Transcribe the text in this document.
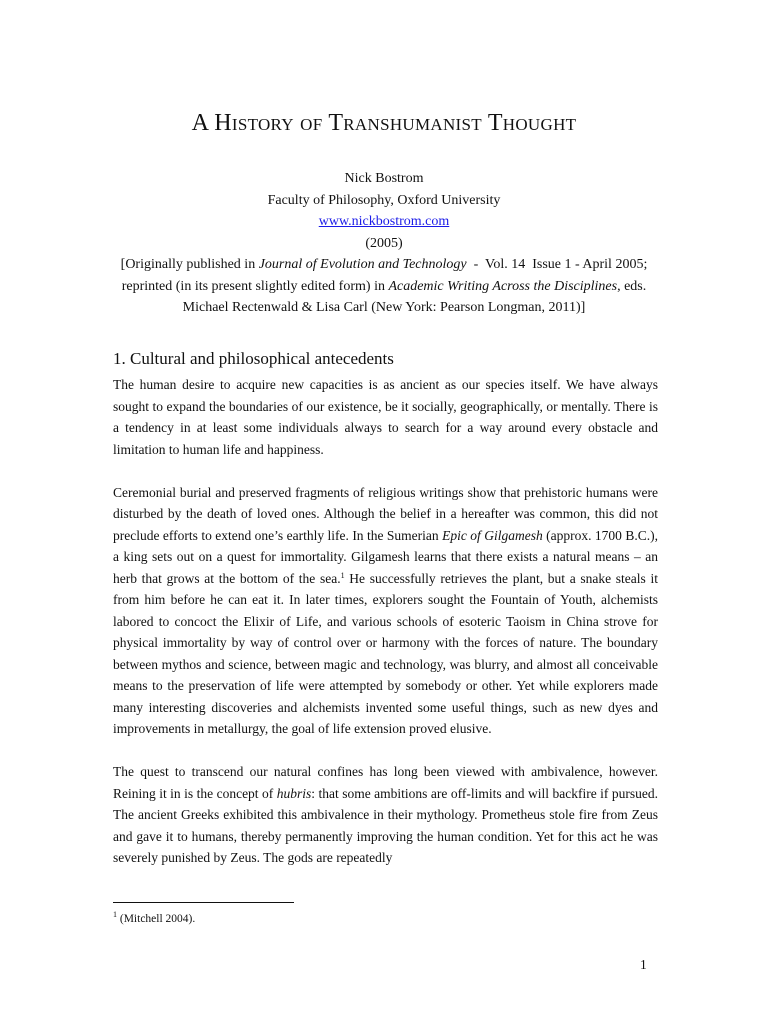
A History of Transhumanist Thought
Nick Bostrom
Faculty of Philosophy, Oxford University
www.nickbostrom.com
(2005)
[Originally published in Journal of Evolution and Technology  -  Vol. 14  Issue 1 - April 2005;
reprinted (in its present slightly edited form) in Academic Writing Across the Disciplines, eds.
Michael Rectenwald & Lisa Carl (New York: Pearson Longman, 2011)]
1. Cultural and philosophical antecedents

The human desire to acquire new capacities is as ancient as our species itself. We have always sought to expand the boundaries of our existence, be it socially, geographically, or mentally. There is a tendency in at least some individuals always to search for a way around every obstacle and limitation to human life and happiness.

Ceremonial burial and preserved fragments of religious writings show that prehistoric humans were disturbed by the death of loved ones. Although the belief in a hereafter was common, this did not preclude efforts to extend one’s earthly life. In the Sumerian Epic of Gilgamesh (approx. 1700 B.C.), a king sets out on a quest for immortality. Gilgamesh learns that there exists a natural means – an herb that grows at the bottom of the sea.$^1$ He successfully retrieves the plant, but a snake steals it from him before he can eat it. In later times, explorers sought the Fountain of Youth, alchemists labored to concoct the Elixir of Life, and various schools of esoteric Taoism in China strove for physical immortality by way of control over or harmony with the forces of nature. The boundary between mythos and science, between magic and technology, was blurry, and almost all conceivable means to the preservation of life were attempted by somebody or other. Yet while explorers made many interesting discoveries and alchemists invented some useful things, such as new dyes and improvements in metallurgy, the goal of life extension proved elusive.

The quest to transcend our natural confines has long been viewed with ambivalence, however. Reining it in is the concept of hubris: that some ambitions are off-limits and will backfire if pursued. The ancient Greeks exhibited this ambivalence in their mythology. Prometheus stole fire from Zeus and gave it to humans, thereby permanently improving the human condition. Yet for this act he was severely punished by Zeus. The gods are repeatedly

$^1$ (Mitchell 2004).
1
